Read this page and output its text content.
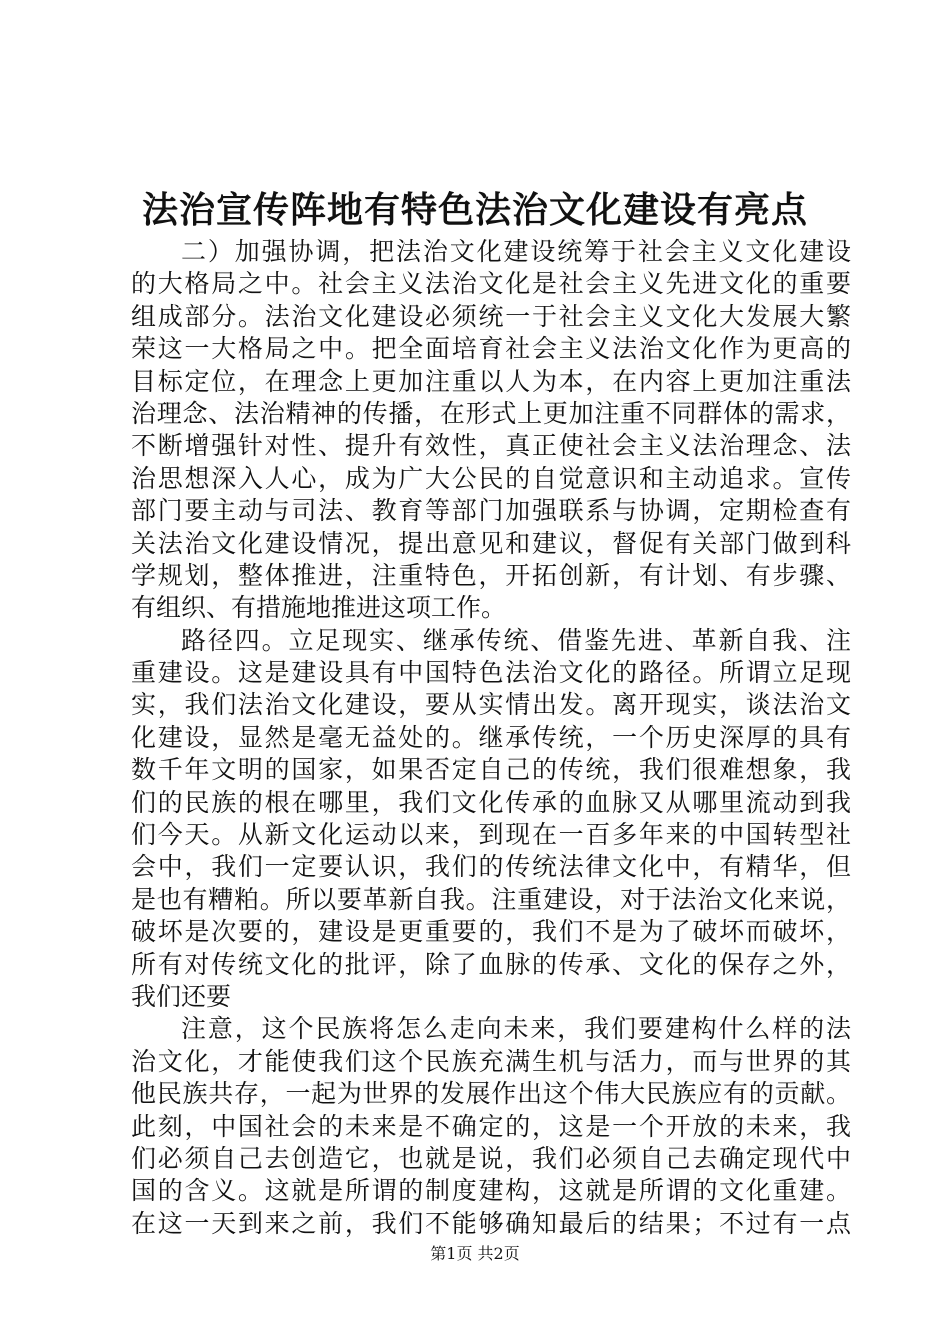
法治宣传阵地有特色法治文化建设有亮点
二）加强协调，把法治文化建设统筹于社会主义文化建设
的大格局之中。社会主义法治文化是社会主义先进文化的重要
组成部分。法治文化建设必须统一于社会主义文化大发展大繁
荣这一大格局之中。把全面培育社会主义法治文化作为更高的
目标定位，在理念上更加注重以人为本，在内容上更加注重法
治理念、法治精神的传播，在形式上更加注重不同群体的需求，
不断增强针对性、提升有效性，真正使社会主义法治理念、法
治思想深入人心，成为广大公民的自觉意识和主动追求。宣传
部门要主动与司法、教育等部门加强联系与协调，定期检查有
关法治文化建设情况，提出意见和建议，督促有关部门做到科
学规划，整体推进，注重特色，开拓创新，有计划、有步骤、
有组织、有措施地推进这项工作。
路径四。立足现实、继承传统、借鉴先进、革新自我、注
重建设。这是建设具有中国特色法治文化的路径。所谓立足现
实，我们法治文化建设，要从实情出发。离开现实，谈法治文
化建设，显然是毫无益处的。继承传统，一个历史深厚的具有
数千年文明的国家，如果否定自己的传统，我们很难想象，我
们的民族的根在哪里，我们文化传承的血脉又从哪里流动到我
们今天。从新文化运动以来，到现在一百多年来的中国转型社
会中，我们一定要认识，我们的传统法律文化中，有精华，但
是也有糟粕。所以要革新自我。注重建设，对于法治文化来说，
破坏是次要的，建设是更重要的，我们不是为了破坏而破坏，
所有对传统文化的批评，除了血脉的传承、文化的保存之外，
我们还要
注意，这个民族将怎么走向未来，我们要建构什么样的法
治文化，才能使我们这个民族充满生机与活力，而与世界的其
他民族共存，一起为世界的发展作出这个伟大民族应有的贡献。
此刻，中国社会的未来是不确定的，这是一个开放的未来，我
们必须自己去创造它，也就是说，我们必须自己去确定现代中
国的含义。这就是所谓的制度建构，这就是所谓的文化重建。
在这一天到来之前，我们不能够确知最后的结果；不过有一点
第1页 共2页
